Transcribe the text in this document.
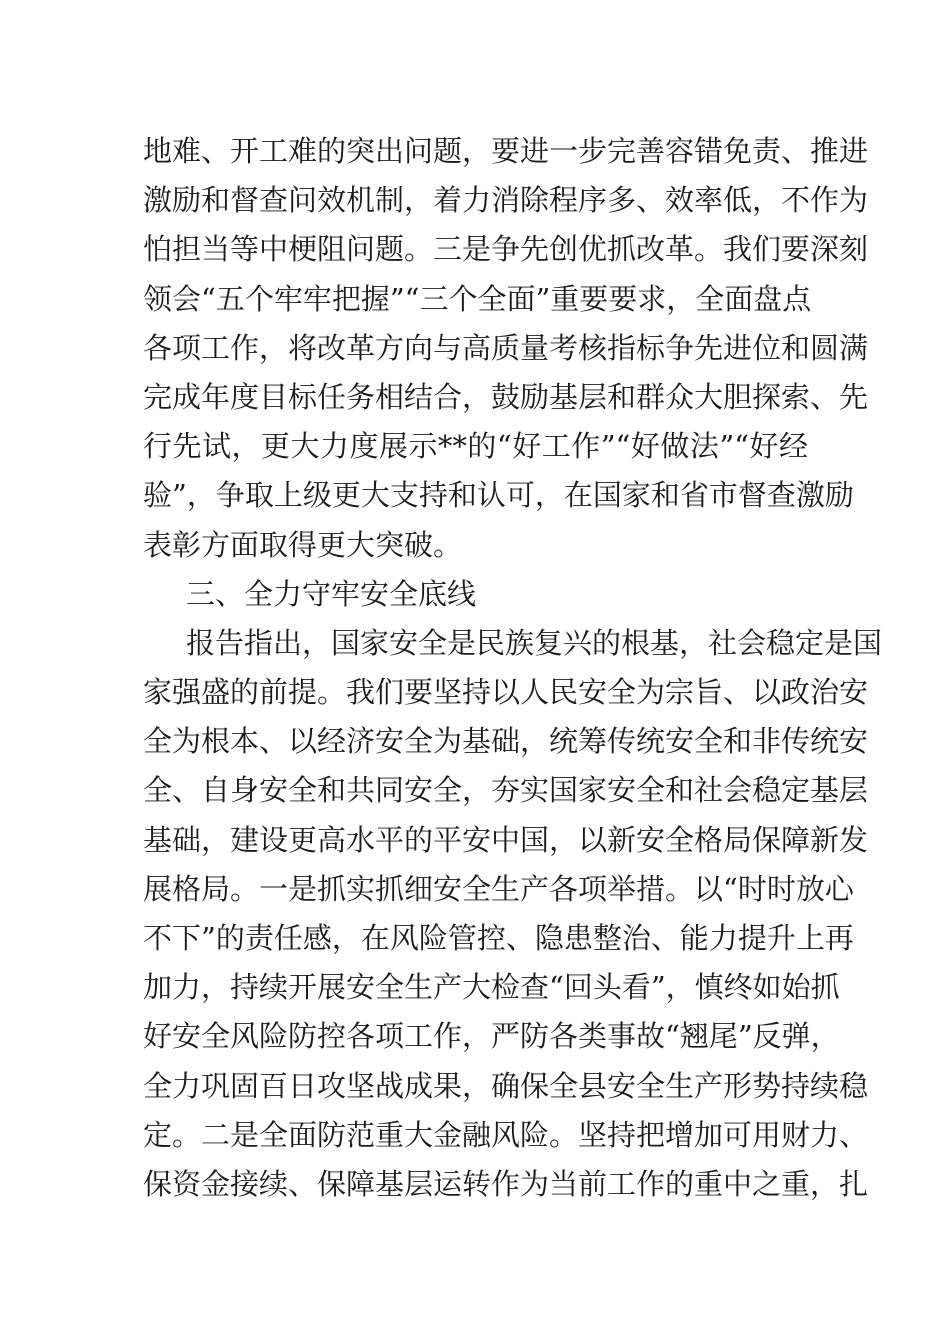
地难、开工难的突出问题，要进一步完善容错免责、推进
激励和督查问效机制，着力消除程序多、效率低，不作为
怕担当等中梗阻问题。三是争先创优抓改革。我们要深刻
领会“五个牢牢把握”“三个全面”重要要求，全面盘点
各项工作，将改革方向与高质量考核指标争先进位和圆满
完成年度目标任务相结合，鼓励基层和群众大胆探索、先
行先试，更大力度展示**的“好工作”“好做法”“好经
验”，争取上级更大支持和认可，在国家和省市督查激励
表彰方面取得更大突破。
三、全力守牢安全底线
报告指出，国家安全是民族复兴的根基，社会稳定是国
家强盛的前提。我们要坚持以人民安全为宗旨、以政治安
全为根本、以经济安全为基础，统筹传统安全和非传统安
全、自身安全和共同安全，夯实国家安全和社会稳定基层
基础，建设更高水平的平安中国，以新安全格局保障新发
展格局。一是抓实抓细安全生产各项举措。以“时时放心
不下”的责任感，在风险管控、隐患整治、能力提升上再
加力，持续开展安全生产大检查“回头看”，慎终如始抓
好安全风险防控各项工作，严防各类事故“翘尾”反弹，
全力巩固百日攻坚战成果，确保全县安全生产形势持续稳
定。二是全面防范重大金融风险。坚持把增加可用财力、
保资金接续、保障基层运转作为当前工作的重中之重，扎
